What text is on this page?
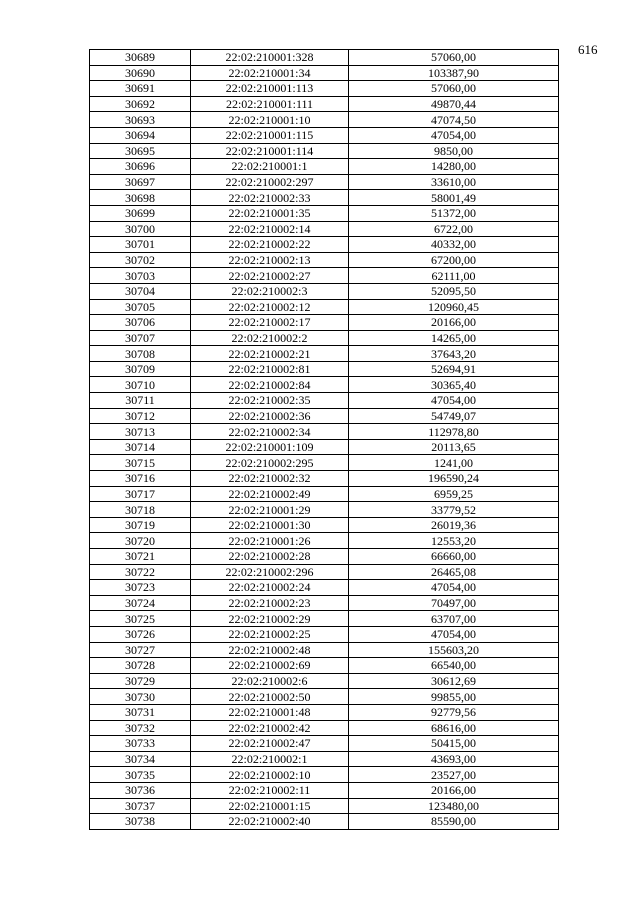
616
30689	22:02:210001:328	57060,00
30690	22:02:210001:34	103387,90
30691	22:02:210001:113	57060,00
30692	22:02:210001:111	49870,44
30693	22:02:210001:10	47074,50
30694	22:02:210001:115	47054,00
30695	22:02:210001:114	9850,00
30696	22:02:210001:1	14280,00
30697	22:02:210002:297	33610,00
30698	22:02:210002:33	58001,49
30699	22:02:210001:35	51372,00
30700	22:02:210002:14	6722,00
30701	22:02:210002:22	40332,00
30702	22:02:210002:13	67200,00
30703	22:02:210002:27	62111,00
30704	22:02:210002:3	52095,50
30705	22:02:210002:12	120960,45
30706	22:02:210002:17	20166,00
30707	22:02:210002:2	14265,00
30708	22:02:210002:21	37643,20
30709	22:02:210002:81	52694,91
30710	22:02:210002:84	30365,40
30711	22:02:210002:35	47054,00
30712	22:02:210002:36	54749,07
30713	22:02:210002:34	112978,80
30714	22:02:210001:109	20113,65
30715	22:02:210002:295	1241,00
30716	22:02:210002:32	196590,24
30717	22:02:210002:49	6959,25
30718	22:02:210001:29	33779,52
30719	22:02:210001:30	26019,36
30720	22:02:210001:26	12553,20
30721	22:02:210002:28	66660,00
30722	22:02:210002:296	26465,08
30723	22:02:210002:24	47054,00
30724	22:02:210002:23	70497,00
30725	22:02:210002:29	63707,00
30726	22:02:210002:25	47054,00
30727	22:02:210002:48	155603,20
30728	22:02:210002:69	66540,00
30729	22:02:210002:6	30612,69
30730	22:02:210002:50	99855,00
30731	22:02:210001:48	92779,56
30732	22:02:210002:42	68616,00
30733	22:02:210002:47	50415,00
30734	22:02:210002:1	43693,00
30735	22:02:210002:10	23527,00
30736	22:02:210002:11	20166,00
30737	22:02:210001:15	123480,00
30738	22:02:210002:40	85590,00
